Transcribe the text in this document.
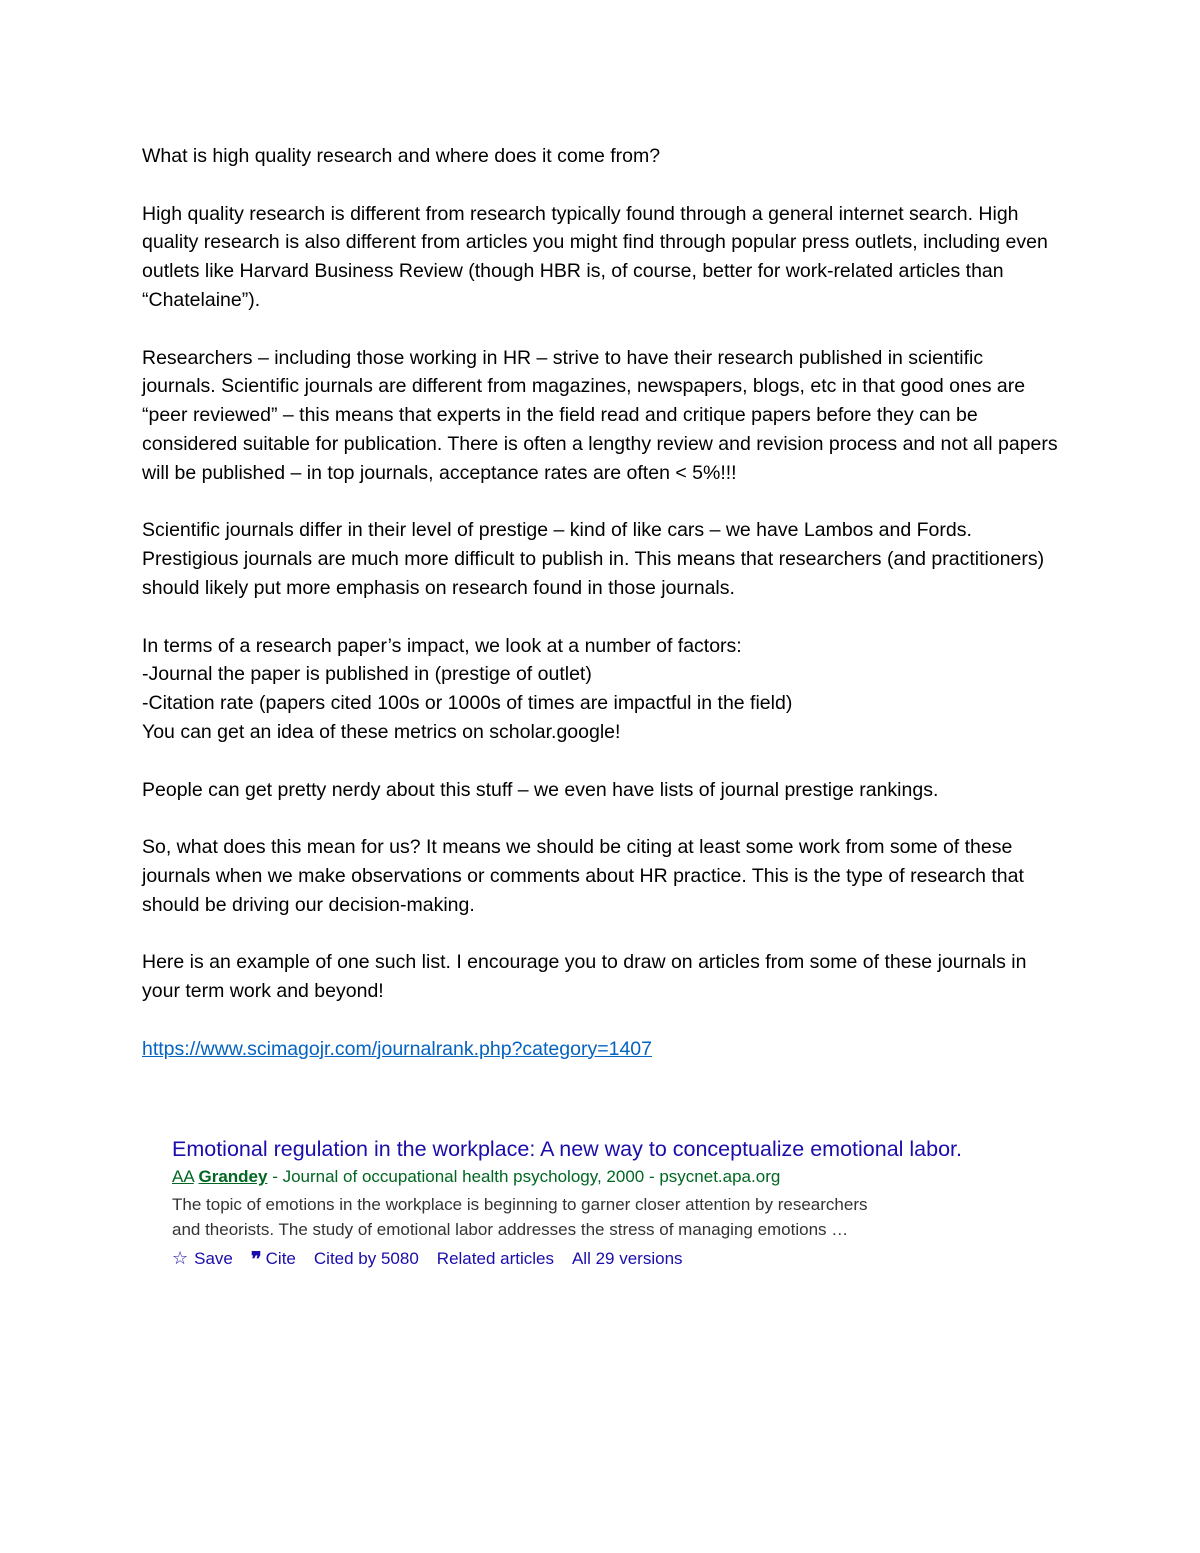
What is high quality research and where does it come from?

High quality research is different from research typically found through a general internet search. High quality research is also different from articles you might find through popular press outlets, including even outlets like Harvard Business Review (though HBR is, of course, better for work-related articles than “Chatelaine”).

Researchers – including those working in HR – strive to have their research published in scientific journals. Scientific journals are different from magazines, newspapers, blogs, etc in that good ones are “peer reviewed” – this means that experts in the field read and critique papers before they can be considered suitable for publication. There is often a lengthy review and revision process and not all papers will be published – in top journals, acceptance rates are often < 5%!!!

Scientific journals differ in their level of prestige – kind of like cars – we have Lambos and Fords. Prestigious journals are much more difficult to publish in. This means that researchers (and practitioners) should likely put more emphasis on research found in those journals.

In terms of a research paper’s impact, we look at a number of factors:

-Journal the paper is published in (prestige of outlet)

-Citation rate (papers cited 100s or 1000s of times are impactful in the field)

You can get an idea of these metrics on scholar.google!

People can get pretty nerdy about this stuff – we even have lists of journal prestige rankings.

So, what does this mean for us? It means we should be citing at least some work from some of these journals when we make observations or comments about HR practice. This is the type of research that should be driving our decision-making.

Here is an example of one such list. I encourage you to draw on articles from some of these journals in your term work and beyond!

https://www.scimagojr.com/journalrank.php?category=1407

Emotional regulation in the workplace: A new way to conceptualize emotional labor.

AA Grandey - Journal of occupational health psychology, 2000 - psycnet.apa.org
The topic of emotions in the workplace is beginning to garner closer attention by researchers
and theorists. The study of emotional labor addresses the stress of managing emotions …
☆ Save ❞ Cite Cited by 5080 Related articles All 29 versions
